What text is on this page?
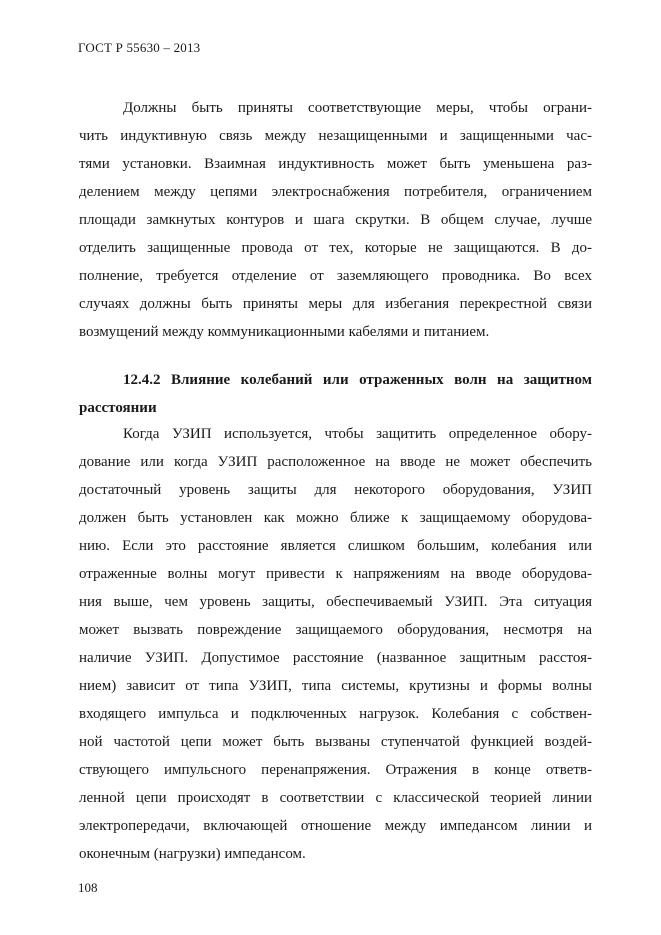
ГОСТ Р 55630 – 2013
Должны быть приняты соответствующие меры, чтобы ограни-
чить индуктивную связь между незащищенными и защищенными час-
тями установки. Взаимная индуктивность может быть уменьшена раз-
делением между цепями электроснабжения потребителя, ограничением
площади замкнутых контуров и шага скрутки. В общем случае, лучше
отделить защищенные провода от тех, которые не защищаются. В до-
полнение, требуется отделение от заземляющего проводника. Во всех
случаях должны быть приняты меры для избегания перекрестной связи
возмущений между коммуникационными кабелями и питанием.
12.4.2 Влияние колебаний или отраженных волн на защитном
расстоянии
Когда УЗИП используется, чтобы защитить определенное обору-
дование или когда УЗИП расположенное на вводе не может обеспечить
достаточный уровень защиты для некоторого оборудования, УЗИП
должен быть установлен как можно ближе к защищаемому оборудова-
нию. Если это расстояние является слишком большим, колебания или
отраженные волны могут привести к напряжениям на вводе оборудова-
ния выше, чем уровень защиты, обеспечиваемый УЗИП. Эта ситуация
может вызвать повреждение защищаемого оборудования, несмотря на
наличие УЗИП. Допустимое расстояние (названное защитным расстоя-
нием) зависит от типа УЗИП, типа системы, крутизны и формы волны
входящего импульса и подключенных нагрузок. Колебания с собствен-
ной частотой цепи может быть вызваны ступенчатой функцией воздей-
ствующего импульсного перенапряжения. Отражения в конце ответв-
ленной цепи происходят в соответствии с классической теорией линии
электропередачи, включающей отношение между импедансом линии и
оконечным (нагрузки) импедансом.
108
